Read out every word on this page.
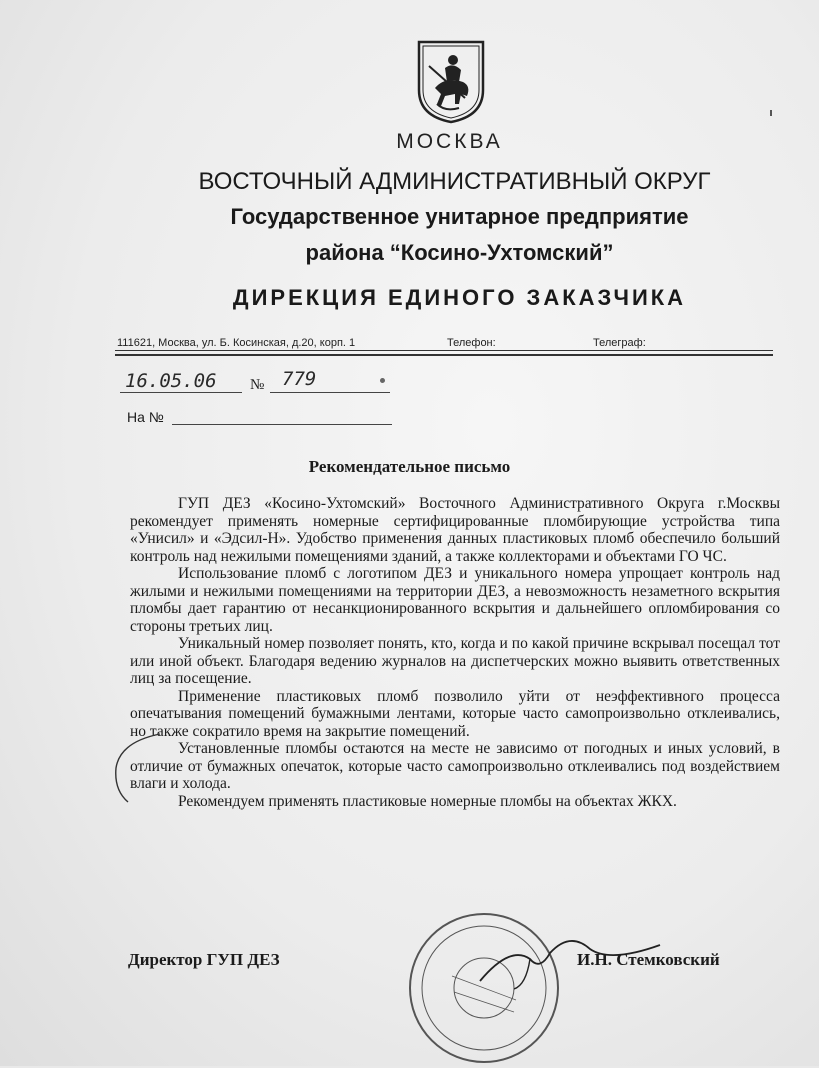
МОСКВА
ВОСТОЧНЫЙ АДМИНИСТРАТИВНЫЙ ОКРУГ
Государственное унитарное предприятие
района “Косино-Ухтомский”
ДИРЕКЦИЯ ЕДИНОГО ЗАКАЗЧИКА
111621, Москва, ул. Б. Косинская, д.20, корп. 1	Телефон:	Телеграф:
16.05.06 № 779
На №
Рекомендательное письмо

ГУП ДЕЗ «Косино-Ухтомский» Восточного Административного Округа г.Москвы рекомендует применять номерные сертифицированные пломбирующие устройства типа «Унисил» и «Эдсил-Н». Удобство применения данных пластиковых пломб обеспечило больший контроль над нежилыми помещениями зданий, а также коллекторами и объектами ГО ЧС.

Использование пломб с логотипом ДЕЗ и уникального номера упрощает контроль над жилыми и нежилыми помещениями на территории ДЕЗ, а невозможность незаметного вскрытия пломбы дает гарантию от несанкционированного вскрытия и дальнейшего опломбирования со стороны третьих лиц.

Уникальный номер позволяет понять, кто, когда и по какой причине вскрывал посещал тот или иной объект. Благодаря ведению журналов на диспетчерских можно выявить ответственных лиц за посещение.

Применение пластиковых пломб позволило уйти от неэффективного процесса опечатывания помещений бумажными лентами, которые часто самопроизвольно отклеивались, но также сократило время на закрытие помещений.

Установленные пломбы остаются на месте не зависимо от погодных и иных условий, в отличие от бумажных опечаток, которые часто самопроизвольно отклеивались под воздействием влаги и холода.

Рекомендуем применять пластиковые номерные пломбы на объектах ЖКХ.

Директор ГУП ДЕЗ	И.Н. Стемковский
